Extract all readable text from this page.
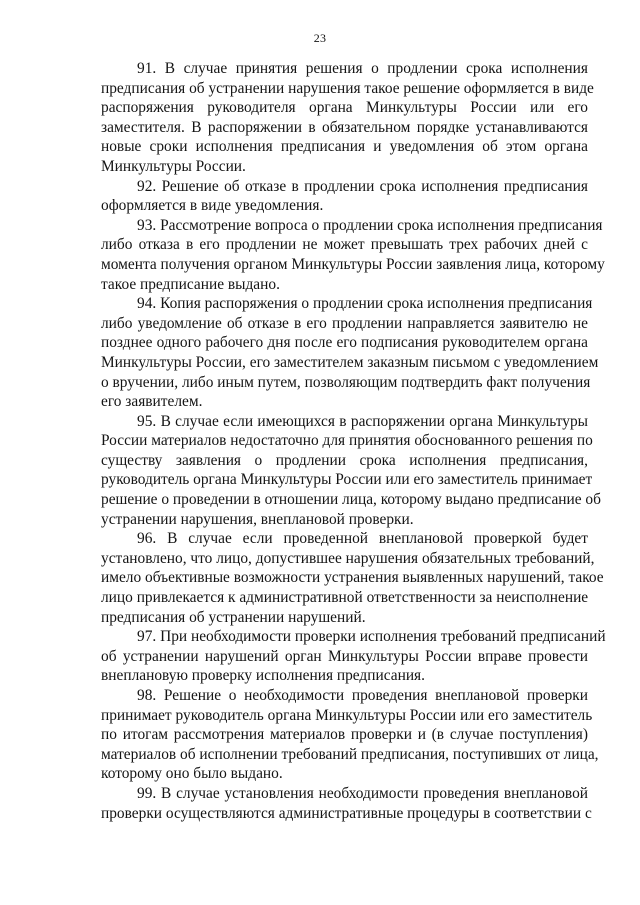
23
91. В случае принятия решения о продлении срока исполнения
предписания об устранении нарушения такое решение оформляется в виде
распоряжения руководителя органа Минкультуры России или его
заместителя. В распоряжении в обязательном порядке устанавливаются
новые сроки исполнения предписания и уведомления об этом органа
Минкультуры России.
92. Решение об отказе в продлении срока исполнения предписания
оформляется в виде уведомления.
93. Рассмотрение вопроса о продлении срока исполнения предписания
либо отказа в его продлении не может превышать трех рабочих дней с
момента получения органом Минкультуры России заявления лица, которому
такое предписание выдано.
94. Копия распоряжения о продлении срока исполнения предписания
либо уведомление об отказе в его продлении направляется заявителю не
позднее одного рабочего дня после его подписания руководителем органа
Минкультуры России, его заместителем заказным письмом с уведомлением
о вручении, либо иным путем, позволяющим подтвердить факт получения
его заявителем.
95. В случае если имеющихся в распоряжении органа Минкультуры
России материалов недостаточно для принятия обоснованного решения по
существу заявления о продлении срока исполнения предписания,
руководитель органа Минкультуры России или его заместитель принимает
решение о проведении в отношении лица, которому выдано предписание об
устранении нарушения, внеплановой проверки.
96. В случае если проведенной внеплановой проверкой будет
установлено, что лицо, допустившее нарушения обязательных требований,
имело объективные возможности устранения выявленных нарушений, такое
лицо привлекается к административной ответственности за неисполнение
предписания об устранении нарушений.
97. При необходимости проверки исполнения требований предписаний
об устранении нарушений орган Минкультуры России вправе провести
внеплановую проверку исполнения предписания.
98. Решение о необходимости проведения внеплановой проверки
принимает руководитель органа Минкультуры России или его заместитель
по итогам рассмотрения материалов проверки и (в случае поступления)
материалов об исполнении требований предписания, поступивших от лица,
которому оно было выдано.
99. В случае установления необходимости проведения внеплановой
проверки осуществляются административные процедуры в соответствии с
